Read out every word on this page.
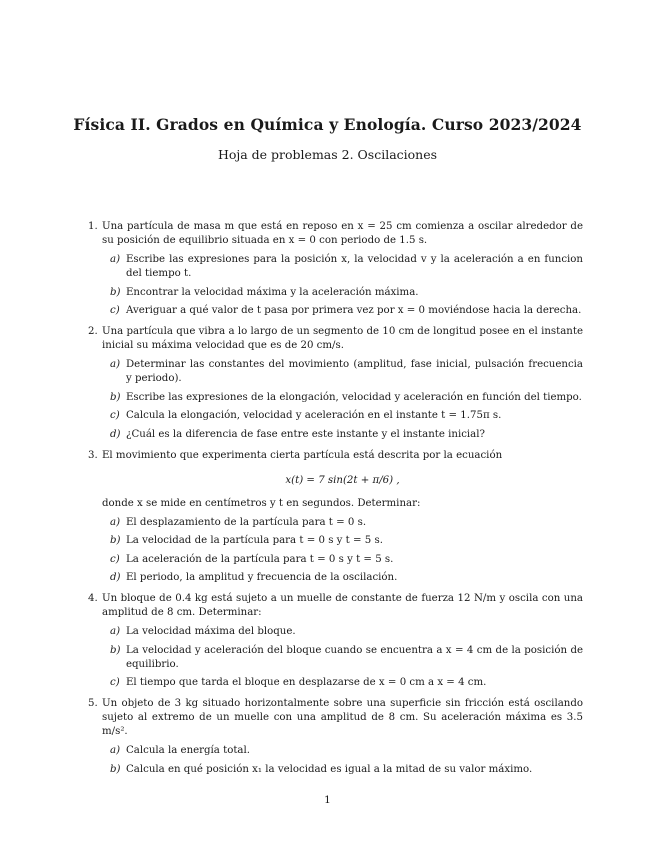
Física II. Grados en Química y Enología. Curso 2023/2024
Hoja de problemas 2. Oscilaciones
1. Una partícula de masa m que está en reposo en x = 25 cm comienza a oscilar alrededor de su posición de equilibrio situada en x = 0 con periodo de 1.5 s.
a) Escribe las expresiones para la posición x, la velocidad v y la aceleración a en funcion del tiempo t.
b) Encontrar la velocidad máxima y la aceleración máxima.
c) Averiguar a qué valor de t pasa por primera vez por x = 0 moviéndose hacia la derecha.
2. Una partícula que vibra a lo largo de un segmento de 10 cm de longitud posee en el instante inicial su máxima velocidad que es de 20 cm/s.
a) Determinar las constantes del movimiento (amplitud, fase inicial, pulsación frecuencia y periodo).
b) Escribe las expresiones de la elongación, velocidad y aceleración en función del tiempo.
c) Calcula la elongación, velocidad y aceleración en el instante t = 1.75π s.
d) ¿Cuál es la diferencia de fase entre este instante y el instante inicial?
3. El movimiento que experimenta cierta partícula está descrita por la ecuación
x(t) = 7 sin(2t + π/6) ,
donde x se mide en centímetros y t en segundos. Determinar:
a) El desplazamiento de la partícula para t = 0 s.
b) La velocidad de la partícula para t = 0 s y t = 5 s.
c) La aceleración de la partícula para t = 0 s y t = 5 s.
d) El periodo, la amplitud y frecuencia de la oscilación.
4. Un bloque de 0.4 kg está sujeto a un muelle de constante de fuerza 12 N/m y oscila con una amplitud de 8 cm. Determinar:
a) La velocidad máxima del bloque.
b) La velocidad y aceleración del bloque cuando se encuentra a x = 4 cm de la posición de equilibrio.
c) El tiempo que tarda el bloque en desplazarse de x = 0 cm a x = 4 cm.
5. Un objeto de 3 kg situado horizontalmente sobre una superficie sin fricción está oscilando sujeto al extremo de un muelle con una amplitud de 8 cm. Su aceleración máxima es 3.5 m/s².
a) Calcula la energía total.
b) Calcula en qué posición x₁ la velocidad es igual a la mitad de su valor máximo.
1
